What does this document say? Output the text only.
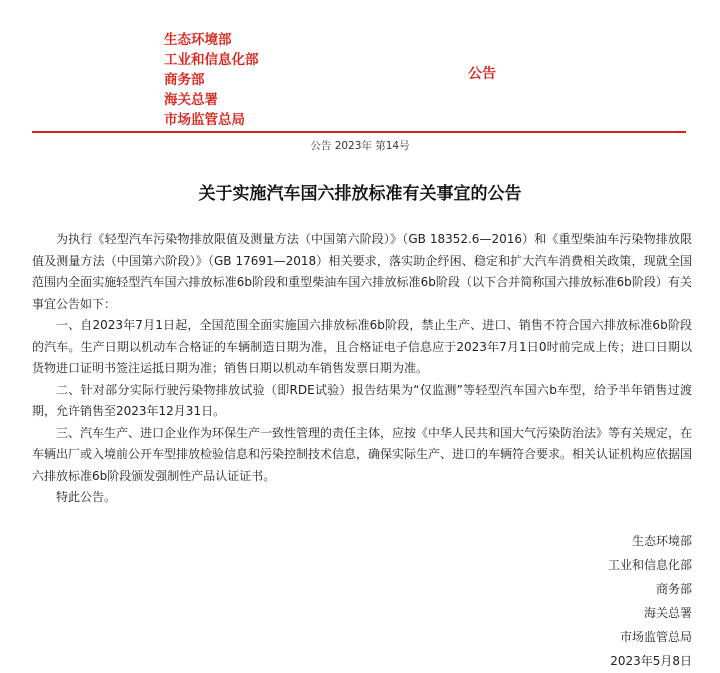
生态环境部
工业和信息化部
商务部
海关总署
市场监管总局
公告
公告 2023年 第14号
关于实施汽车国六排放标准有关事宜的公告

为执行《轻型汽车污染物排放限值及测量方法（中国第六阶段）》（GB 18352.6—2016）和《重型柴油车污染物排放限值及测量方法（中国第六阶段）》（GB 17691—2018）相关要求，落实助企纾困、稳定和扩大汽车消费相关政策，现就全国范围内全面实施轻型汽车国六排放标准6b阶段和重型柴油车国六排放标准6b阶段（以下合并简称国六排放标准6b阶段）有关事宜公告如下：

一、自2023年7月1日起，全国范围全面实施国六排放标准6b阶段，禁止生产、进口、销售不符合国六排放标准6b阶段的汽车。生产日期以机动车合格证的车辆制造日期为准，且合格证电子信息应于2023年7月1日0时前完成上传；进口日期以货物进口证明书签注运抵日期为准；销售日期以机动车销售发票日期为准。

二、针对部分实际行驶污染物排放试验（即RDE试验）报告结果为“仅监测”等轻型汽车国六b车型，给予半年销售过渡期，允许销售至2023年12月31日。

三、汽车生产、进口企业作为环保生产一致性管理的责任主体，应按《中华人民共和国大气污染防治法》等有关规定，在车辆出厂或入境前公开车型排放检验信息和污染控制技术信息，确保实际生产、进口的车辆符合要求。相关认证机构应依据国六排放标准6b阶段颁发强制性产品认证证书。

特此公告。

生态环境部
工业和信息化部
商务部
海关总署
市场监管总局
2023年5月8日
